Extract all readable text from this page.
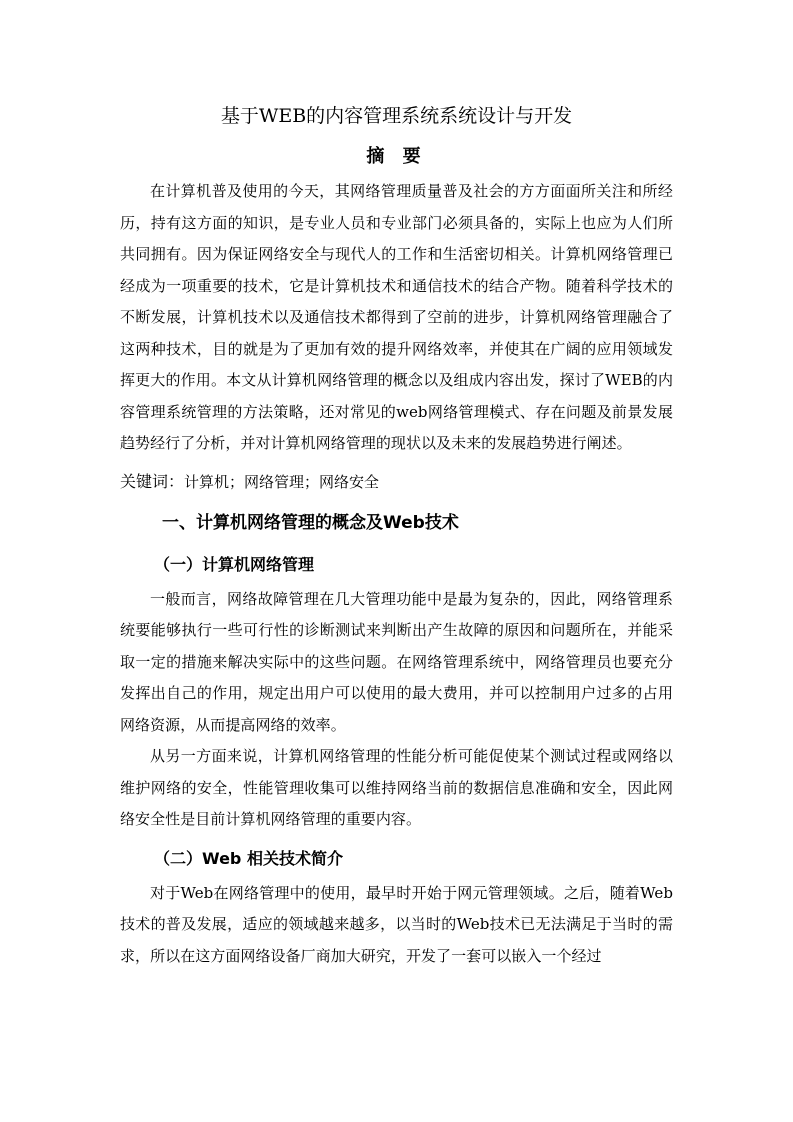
基于WEB的内容管理系统系统设计与开发
摘 要

在计算机普及使用的今天，其网络管理质量普及社会的方方面面所关注和所经历，持有这方面的知识，是专业人员和专业部门必须具备的，实际上也应为人们所共同拥有。因为保证网络安全与现代人的工作和生活密切相关。计算机网络管理已经成为一项重要的技术，它是计算机技术和通信技术的结合产物。随着科学技术的不断发展，计算机技术以及通信技术都得到了空前的进步，计算机网络管理融合了这两种技术，目的就是为了更加有效的提升网络效率，并使其在广阔的应用领域发挥更大的作用。本文从计算机网络管理的概念以及组成内容出发，探讨了WEB的内容管理系统管理的方法策略，还对常见的web网络管理模式、存在问题及前景发展趋势经行了分析，并对计算机网络管理的现状以及未来的发展趋势进行阐述。

关键词：计算机；网络管理；网络安全

一、计算机网络管理的概念及Web技术
（一）计算机网络管理

一般而言，网络故障管理在几大管理功能中是最为复杂的，因此，网络管理系统要能够执行一些可行性的诊断测试来判断出产生故障的原因和问题所在，并能采取一定的措施来解决实际中的这些问题。在网络管理系统中，网络管理员也要充分发挥出自己的作用，规定出用户可以使用的最大费用，并可以控制用户过多的占用网络资源，从而提高网络的效率。

从另一方面来说，计算机网络管理的性能分析可能促使某个测试过程或网络以维护网络的安全，性能管理收集可以维持网络当前的数据信息准确和安全，因此网络安全性是目前计算机网络管理的重要内容。

（二）Web 相关技术简介

对于Web在网络管理中的使用，最早时开始于网元管理领域。之后，随着Web技术的普及发展，适应的领域越来越多，以当时的Web技术已无法满足于当时的需求，所以在这方面网络设备厂商加大研究，开发了一套可以嵌入一个经过
